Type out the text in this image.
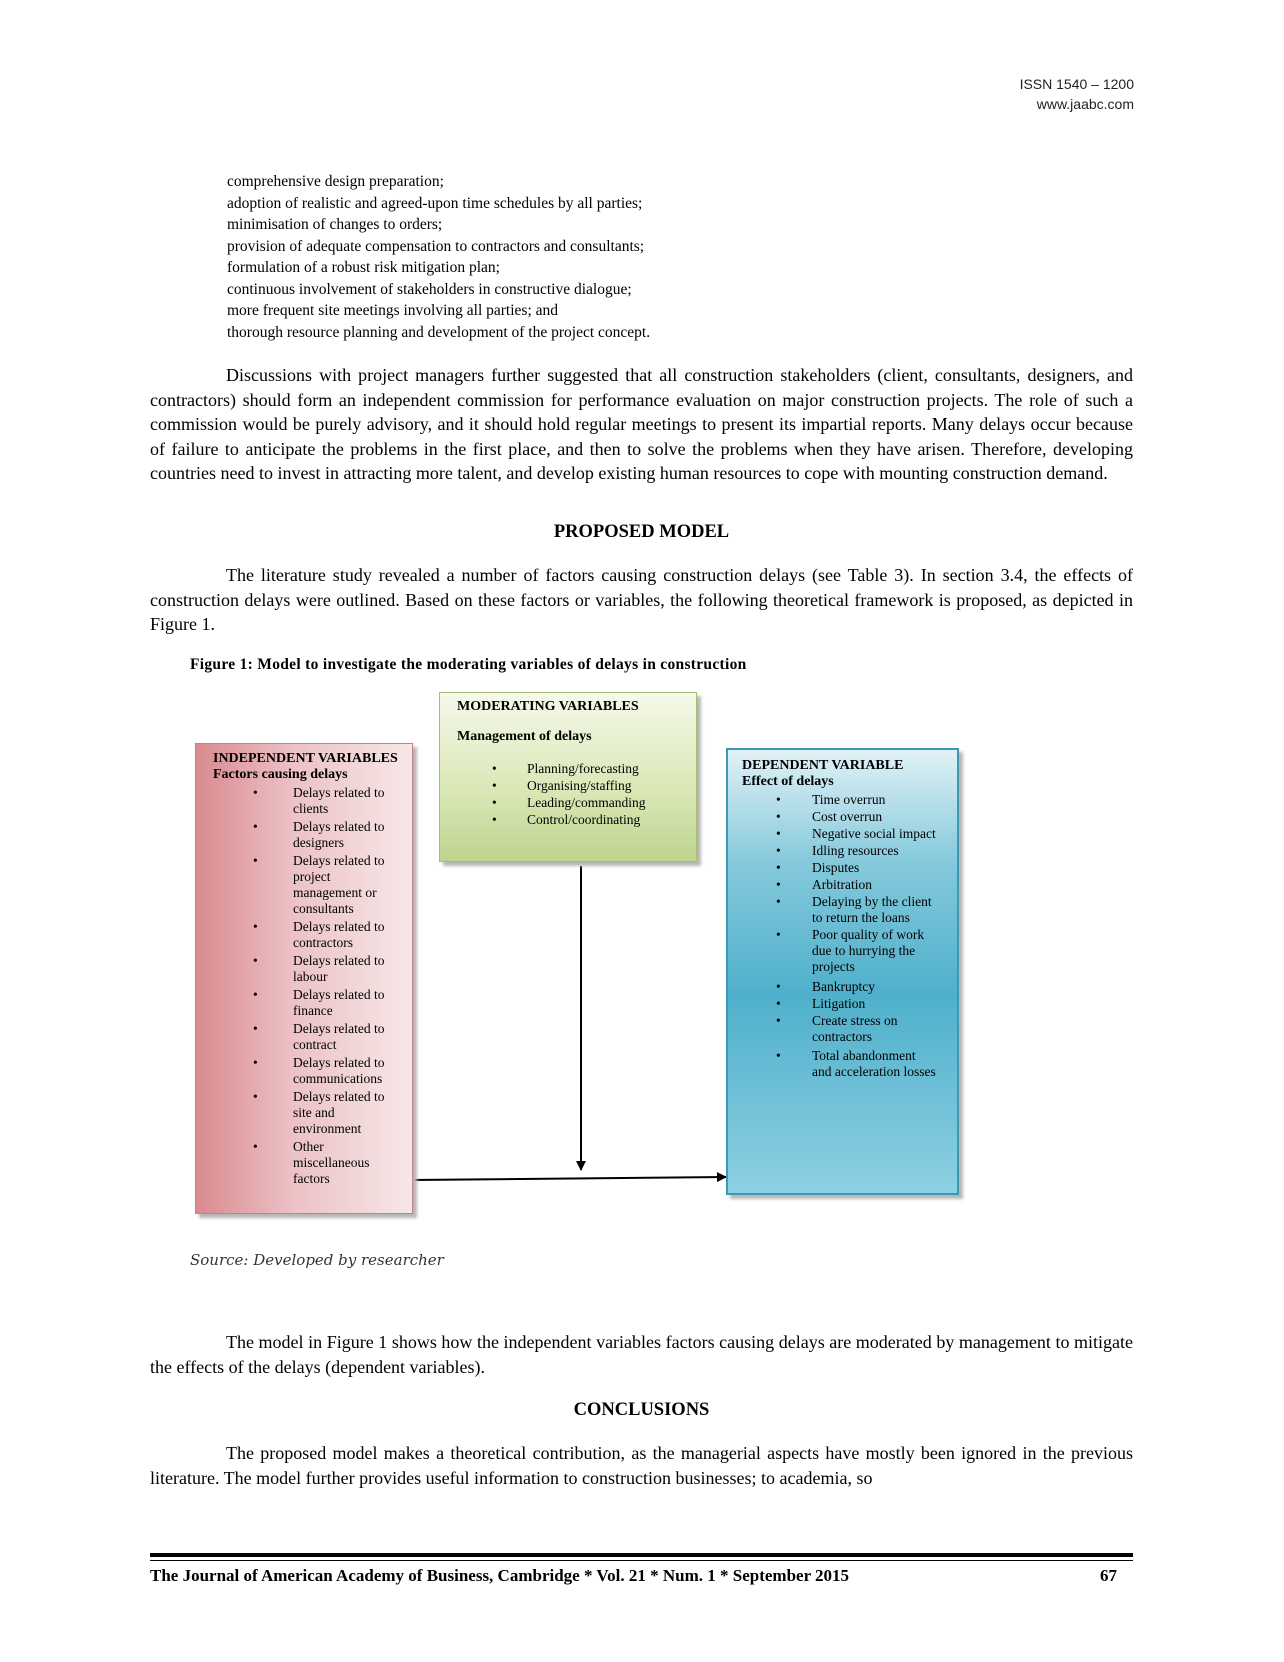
ISSN 1540 – 1200
www.jaabc.com
comprehensive design preparation;
adoption of realistic and agreed-upon time schedules by all parties;
minimisation of changes to orders;
provision of adequate compensation to contractors and consultants;
formulation of a robust risk mitigation plan;
continuous involvement of stakeholders in constructive dialogue;
more frequent site meetings involving all parties; and
thorough resource planning and development of the project concept.
Discussions with project managers further suggested that all construction stakeholders (client, consultants, designers, and contractors) should form an independent commission for performance evaluation on major construction projects. The role of such a commission would be purely advisory, and it should hold regular meetings to present its impartial reports. Many delays occur because of failure to anticipate the problems in the first place, and then to solve the problems when they have arisen. Therefore, developing countries need to invest in attracting more talent, and develop existing human resources to cope with mounting construction demand.
PROPOSED MODEL
The literature study revealed a number of factors causing construction delays (see Table 3). In section 3.4, the effects of construction delays were outlined. Based on these factors or variables, the following theoretical framework is proposed, as depicted in Figure 1.
Figure 1: Model to investigate the moderating variables of delays in construction
INDEPENDENT VARIABLES
Factors causing delays
•	Delays related to clients
•	Delays related to designers
•	Delays related to project management or consultants
•	Delays related to contractors
•	Delays related to labour
•	Delays related to finance
•	Delays related to contract
•	Delays related to communications
•	Delays related to site and environment
•	Other miscellaneous factors
MODERATING VARIABLES
Management of delays
• Planning/forecasting
• Organising/staffing
• Leading/commanding
• Control/coordinating
DEPENDENT VARIABLE
Effect of delays
• Time overrun
• Cost overrun
• Negative social impact
• Idling resources
• Disputes
• Arbitration
• Delaying by the client to return the loans
• Poor quality of work due to hurrying the projects
• Bankruptcy
• Litigation
• Create stress on contractors
• Total abandonment and acceleration losses
Source: Developed by researcher
The model in Figure 1 shows how the independent variables factors causing delays are moderated by management to mitigate the effects of the delays (dependent variables).
CONCLUSIONS
The proposed model makes a theoretical contribution, as the managerial aspects have mostly been ignored in the previous literature. The model further provides useful information to construction businesses; to academia, so
The Journal of American Academy of Business, Cambridge * Vol. 21 * Num. 1 * September 2015	67
